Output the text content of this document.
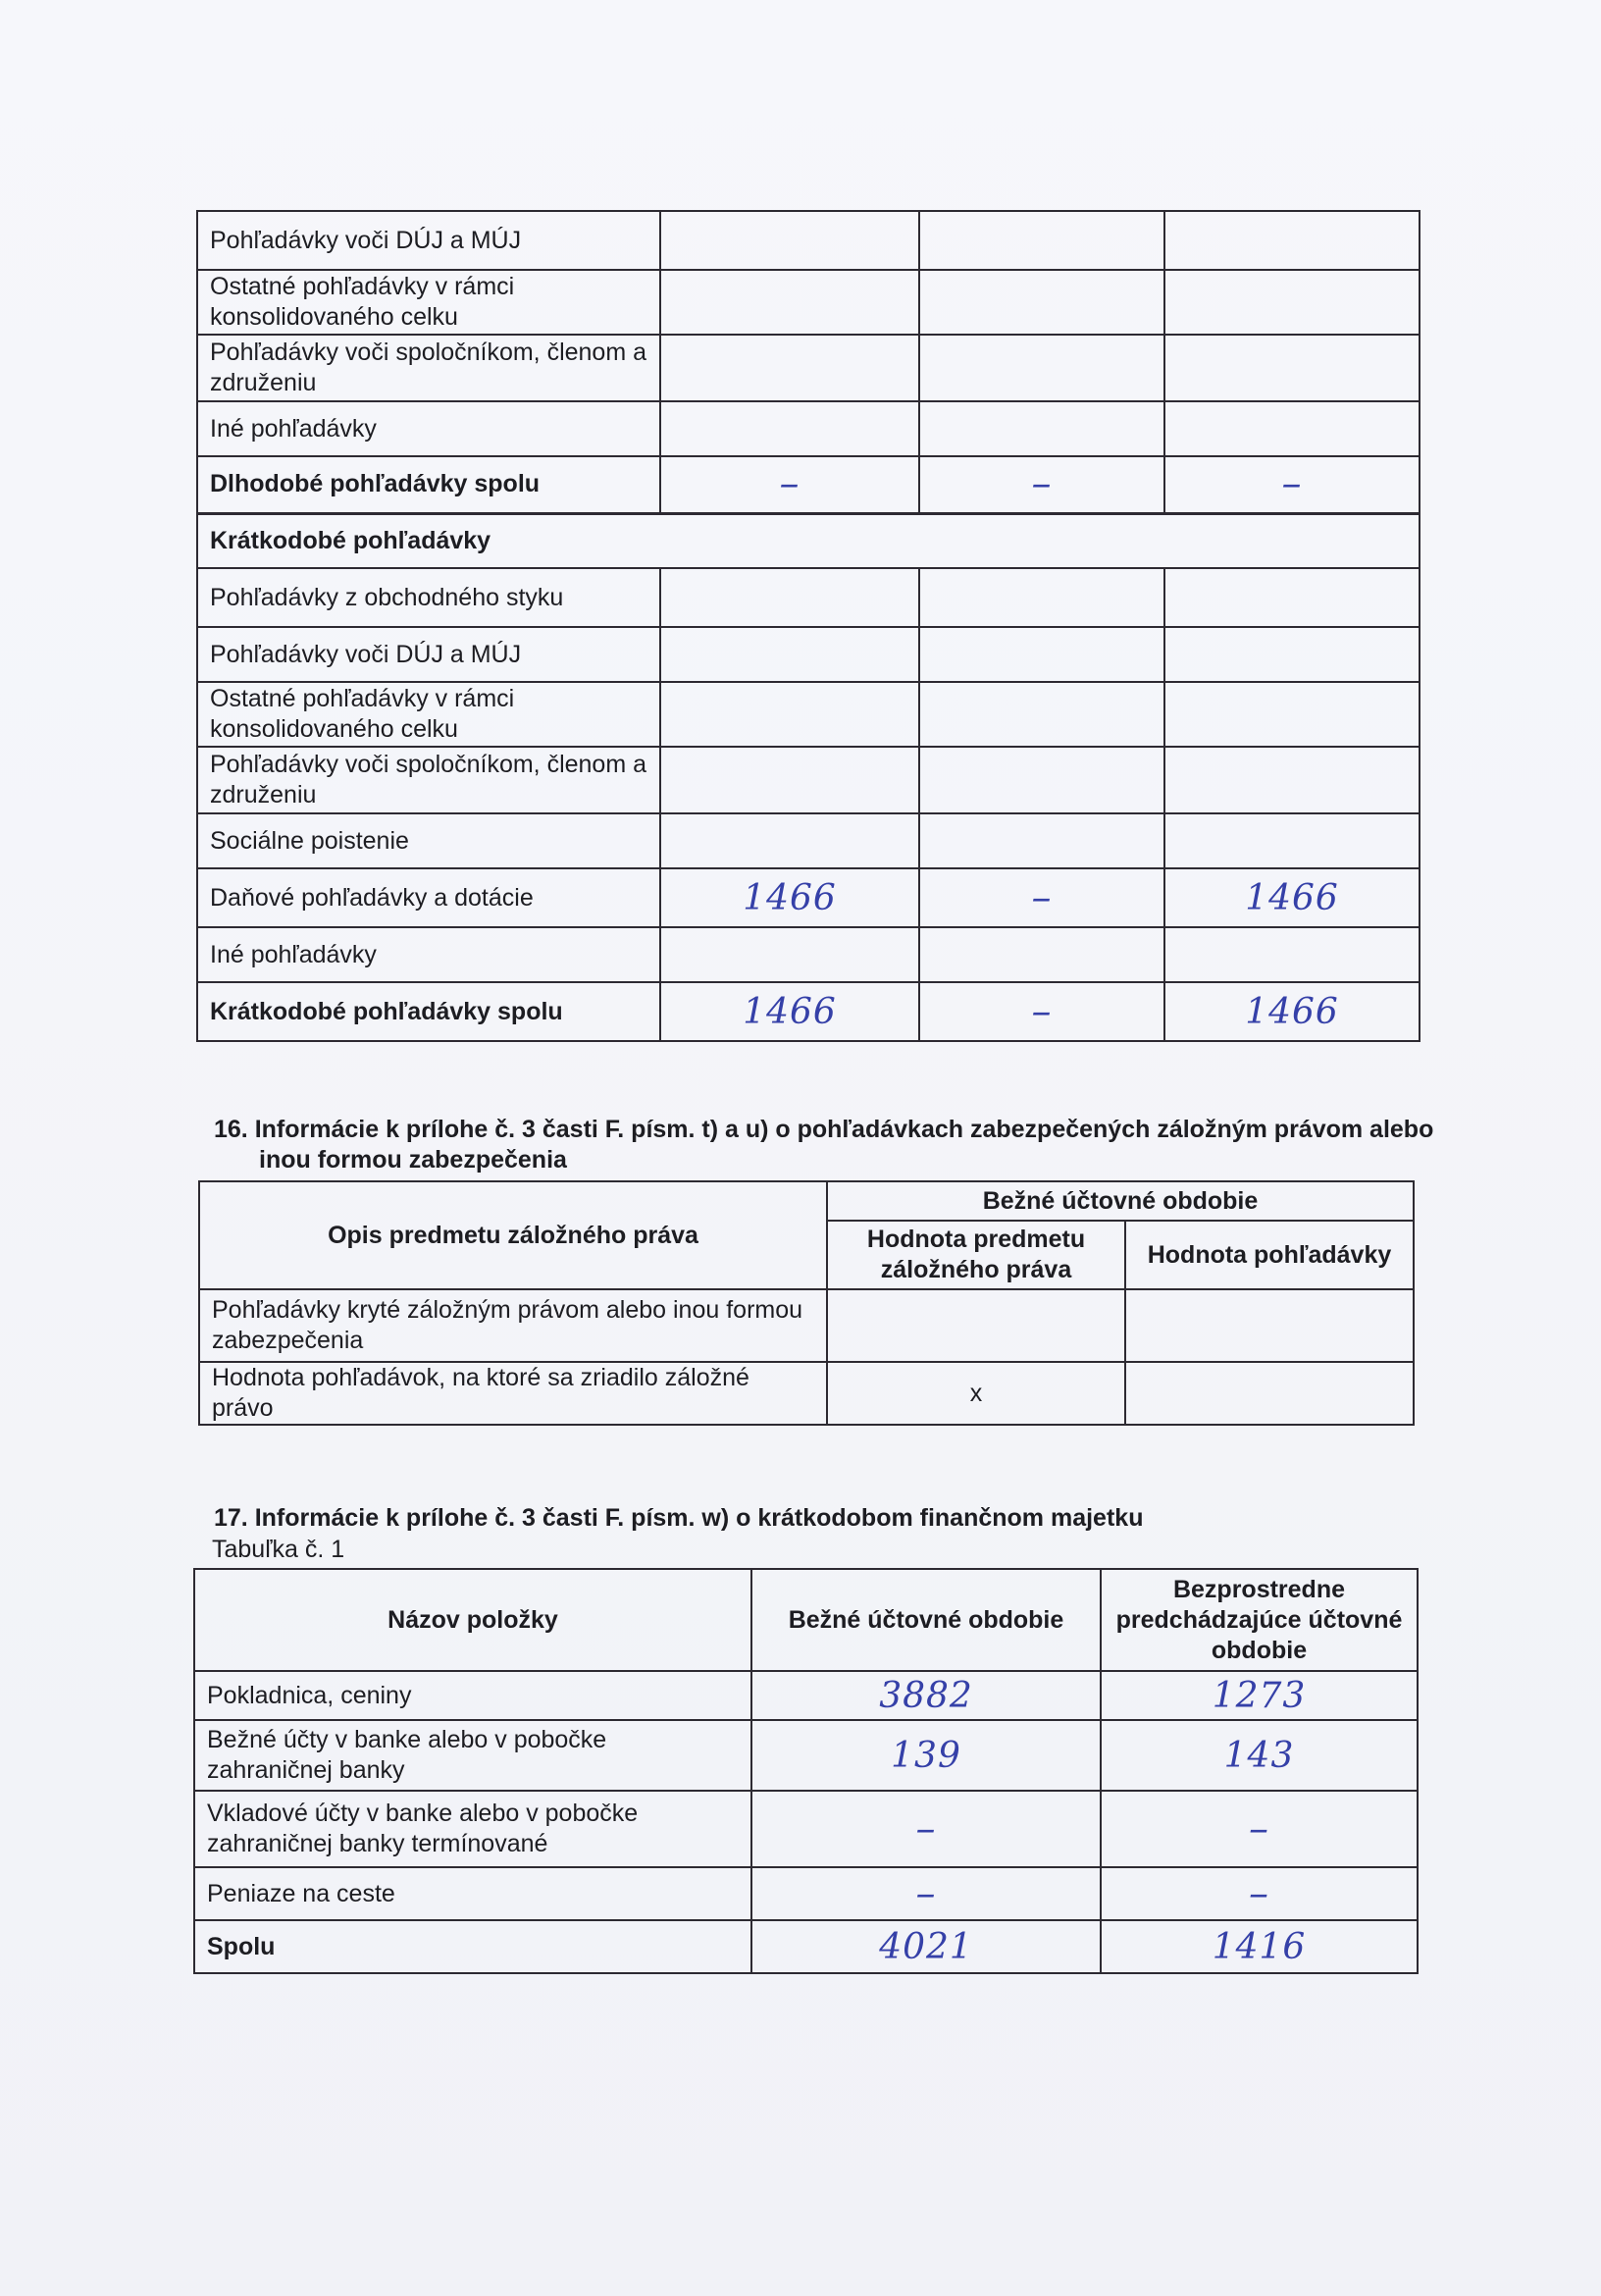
Pohľadávky voči DÚJ a MÚJ			
Ostatné pohľadávky v rámci konsolidovaného celku			
Pohľadávky voči spoločníkom, členom a združeniu			
Iné pohľadávky			
Dlhodobé pohľadávky spolu	–	–	–
Krátkodobé pohľadávky			
Pohľadávky z obchodného styku			
Pohľadávky voči DÚJ a MÚJ			
Ostatné pohľadávky v rámci konsolidovaného celku			
Pohľadávky voči spoločníkom, členom a združeniu			
Sociálne poistenie			
Daňové pohľadávky a dotácie	1466	–	1466
Iné pohľadávky			
Krátkodobé pohľadávky spolu	1466	–	1466
16. Informácie k prílohe č. 3 časti F. písm. t) a u) o pohľadávkach zabezpečených záložným právom alebo
inou formou zabezpečenia
Opis predmetu záložného práva	Bežné účtovné obdobie	
	Hodnota predmetu záložného práva	Hodnota pohľadávky
Pohľadávky kryté záložným právom alebo inou formou zabezpečenia		
Hodnota pohľadávok, na ktoré sa zriadilo záložné právo	x	
17. Informácie k prílohe č. 3 časti F. písm. w) o krátkodobom finančnom majetku
Tabuľka č. 1
Názov položky	Bežné účtovné obdobie	Bezprostredne predchádzajúce účtovné obdobie
Pokladnica, ceniny	3882	1273
Bežné účty v banke alebo v pobočke zahraničnej banky	139	143
Vkladové účty v banke alebo v pobočke zahraničnej banky termínované	–	–
Peniaze na ceste	–	–
Spolu	4021	1416
